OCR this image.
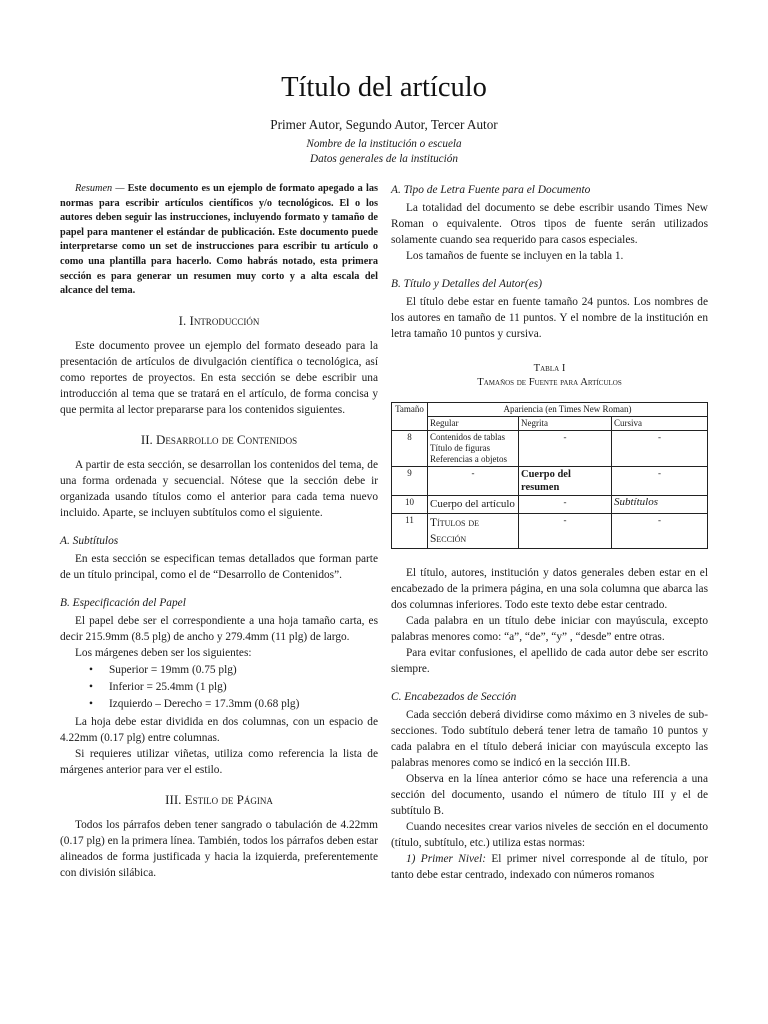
Título del artículo
Primer Autor, Segundo Autor, Tercer Autor
Nombre de la institución o escuela
Datos generales de la institución

Resumen — Este documento es un ejemplo de formato apegado a las normas para escribir artículos científicos y/o tecnológicos. El o los autores deben seguir las instrucciones, incluyendo formato y tamaño de papel para mantener el estándar de publicación. Este documento puede interpretarse como un set de instrucciones para escribir tu artículo o como una plantilla para hacerlo. Como habrás notado, esta primera sección es para generar un resumen muy corto y a alta escala del alcance del tema.

I. Introducción

Este documento provee un ejemplo del formato deseado para la presentación de artículos de divulgación científica o tecnológica, así como reportes de proyectos. En esta sección se debe escribir una introducción al tema que se tratará en el artículo, de forma concisa y que permita al lector prepararse para los contenidos siguientes.

II. Desarrollo de Contenidos

A partir de esta sección, se desarrollan los contenidos del tema, de una forma ordenada y secuencial. Nótese que la sección debe ir organizada usando títulos como el anterior para cada tema nuevo incluido. Aparte, se incluyen subtítulos como el siguiente.

A. Subtítulos

En esta sección se especifican temas detallados que forman parte de un título principal, como el de “Desarrollo de Contenidos”.

B. Especificación del Papel

El papel debe ser el correspondiente a una hoja tamaño carta, es decir 215.9mm (8.5 plg) de ancho y 279.4mm (11 plg) de largo.

Los márgenes deben ser los siguientes:

• Superior = 19mm (0.75 plg)
• Inferior = 25.4mm (1 plg)
• Izquierdo – Derecho = 17.3mm (0.68 plg)

La hoja debe estar dividida en dos columnas, con un espacio de 4.22mm (0.17 plg) entre columnas.

Si requieres utilizar viñetas, utiliza como referencia la lista de márgenes anterior para ver el estilo.

III. Estilo de Página

Todos los párrafos deben tener sangrado o tabulación de 4.22mm (0.17 plg) en la primera línea. También, todos los párrafos deben estar alineados de forma justificada y hacia la izquierda, preferentemente con división silábica.

A. Tipo de Letra Fuente para el Documento

La totalidad del documento se debe escribir usando Times New Roman o equivalente. Otros tipos de fuente serán utilizados solamente cuando sea requerido para casos especiales.

Los tamaños de fuente se incluyen en la tabla 1.

B. Título y Detalles del Autor(es)

El título debe estar en fuente tamaño 24 puntos. Los nombres de los autores en tamaño de 11 puntos. Y el nombre de la institución en letra tamaño 10 puntos y cursiva.

Tabla I
Tamaños de Fuente para Artículos
Tamaño	Apariencia (en Times New Roman)		
	Regular	Negrita	Cursiva
8	Contenidos de tablas Título de figuras Referencias a objetos	-	-
9	-	Cuerpo del resumen	-
10	Cuerpo del artículo	-	Subtítulos
11	Títulos de Sección	-	-

El título, autores, institución y datos generales deben estar en el encabezado de la primera página, en una sola columna que abarca las dos columnas inferiores. Todo este texto debe estar centrado.

Cada palabra en un título debe iniciar con mayúscula, excepto palabras menores como: “a”, “de”, “y” , “desde” entre otras.

Para evitar confusiones, el apellido de cada autor debe ser escrito siempre.

C. Encabezados de Sección

Cada sección deberá dividirse como máximo en 3 niveles de sub-secciones. Todo subtítulo deberá tener letra de tamaño 10 puntos y cada palabra en el título deberá iniciar con mayúscula excepto las palabras menores como se indicó en la sección III.B.

Observa en la línea anterior cómo se hace una referencia a una sección del documento, usando el número de título III y el de subtítulo B.

Cuando necesites crear varios niveles de sección en el documento (título, subtítulo, etc.) utiliza estas normas:

1) Primer Nivel: El primer nivel corresponde al de título, por tanto debe estar centrado, indexado con números romanos
